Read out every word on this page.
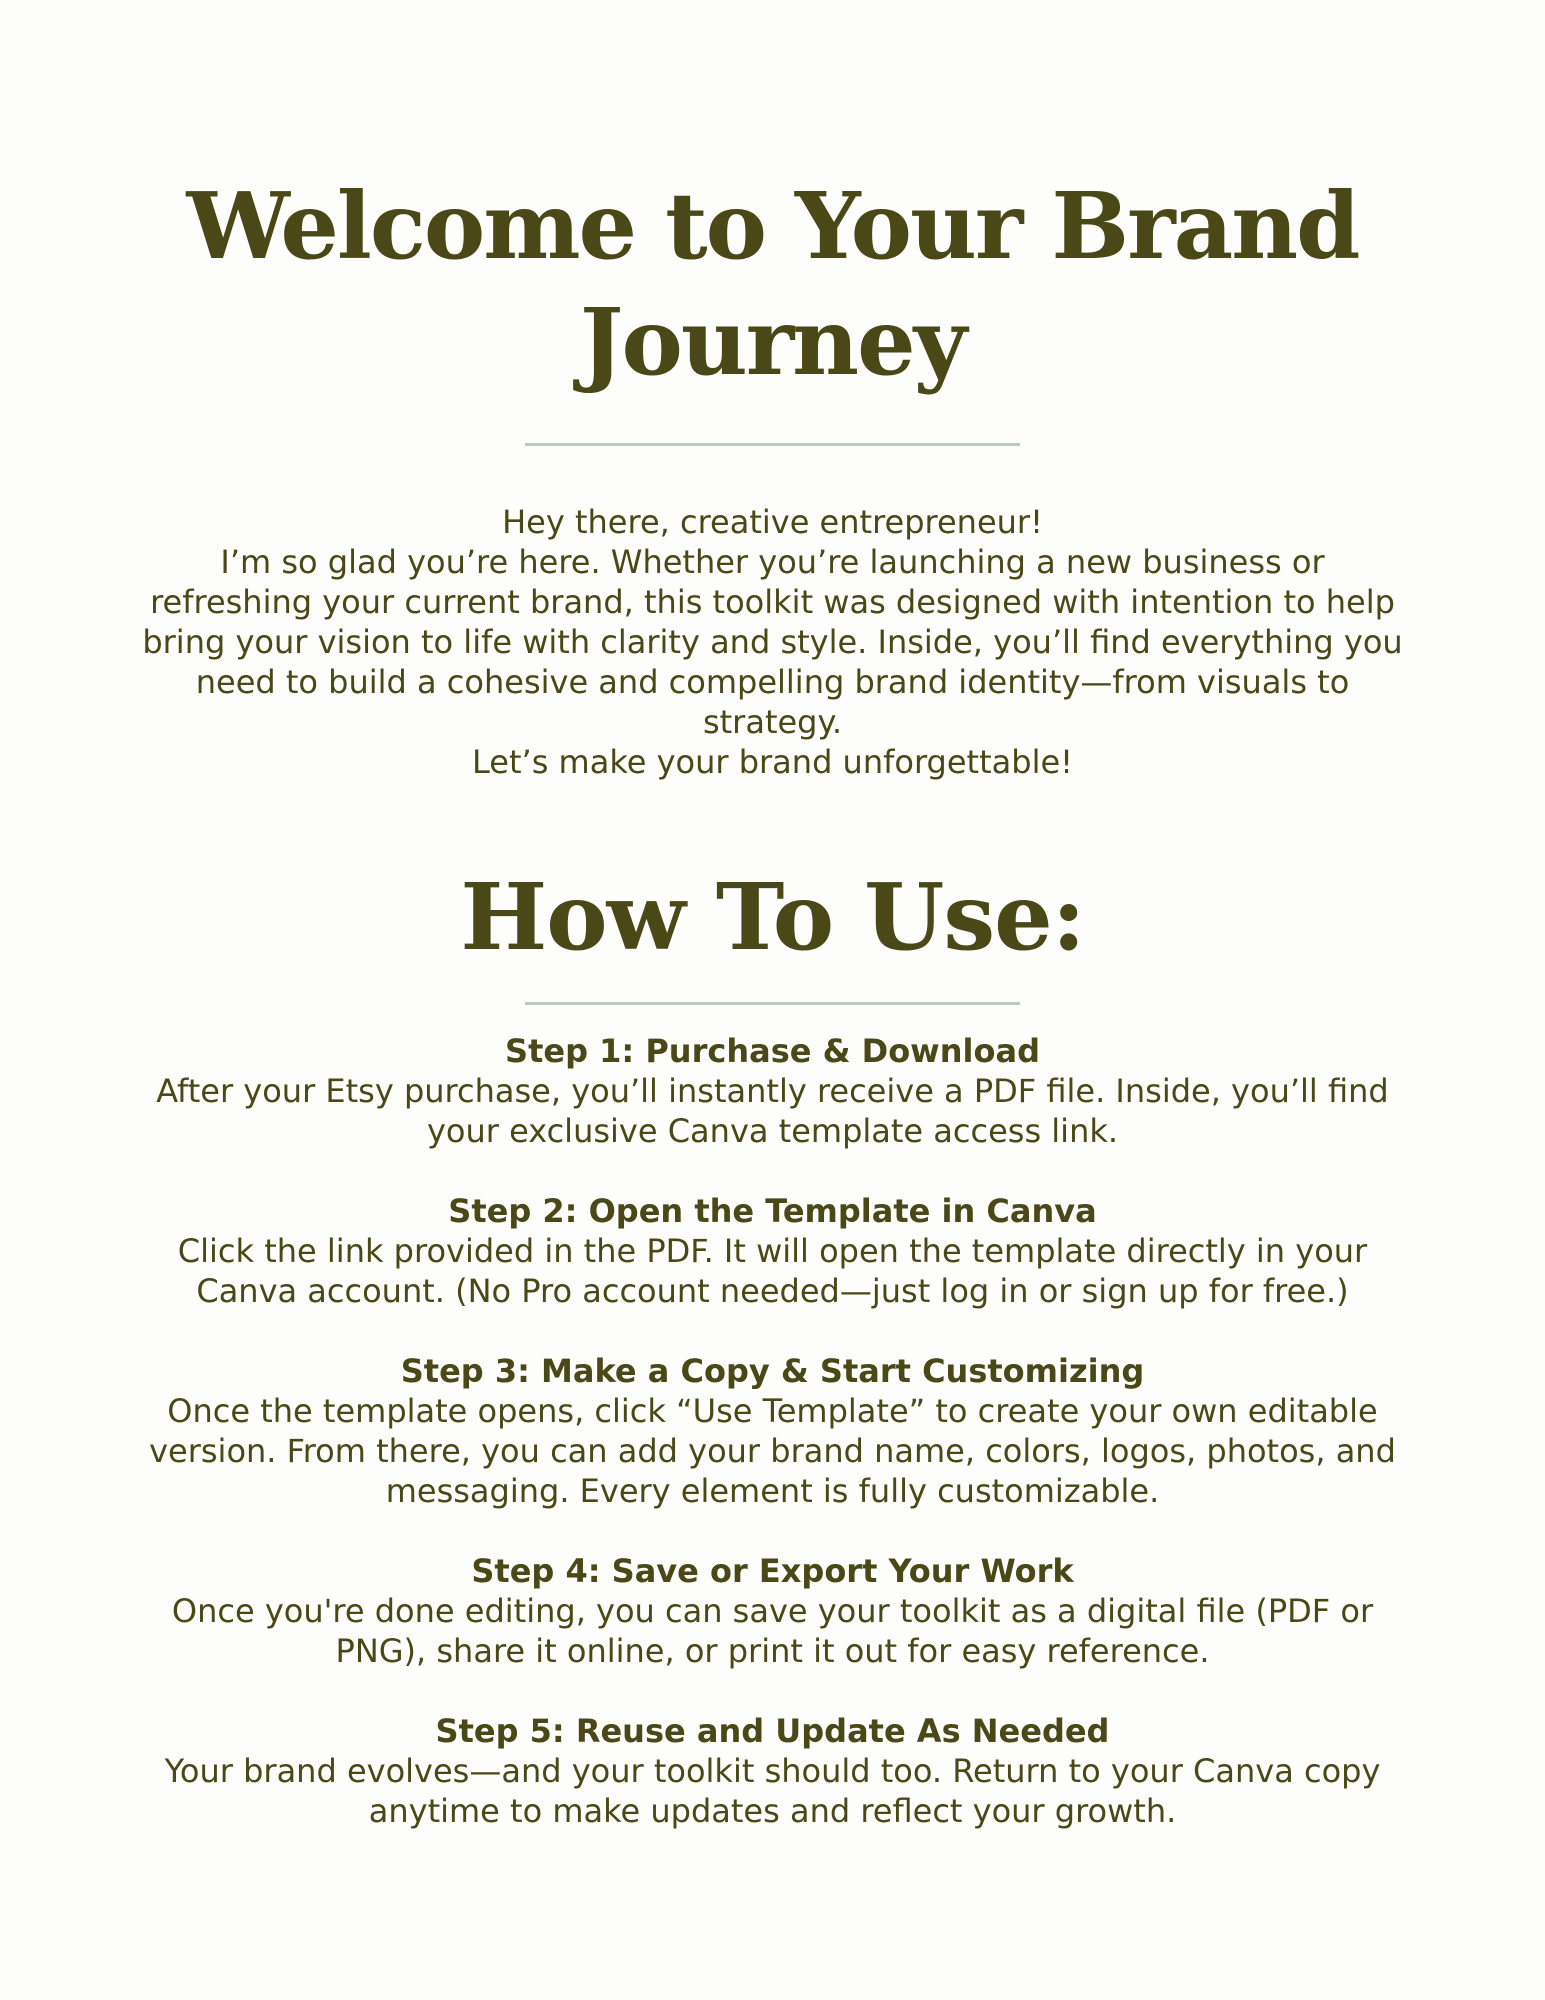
Welcome to Your Brand Journey

Hey there, creative entrepreneur!

I’m so glad you’re here. Whether you’re launching a new business or refreshing your current brand, this toolkit was designed with intention to help bring your vision to life with clarity and style. Inside, you’ll find everything you need to build a cohesive and compelling brand identity—from visuals to strategy.

Let’s make your brand unforgettable!

How To Use:
Step 1: Purchase & Download
After your Etsy purchase, you’ll instantly receive a PDF file. Inside, you’ll find your exclusive Canva template access link.
Step 2: Open the Template in Canva
Click the link provided in the PDF. It will open the template directly in your Canva account. (No Pro account needed—just log in or sign up for free.)
Step 3: Make a Copy & Start Customizing
Once the template opens, click “Use Template” to create your own editable version. From there, you can add your brand name, colors, logos, photos, and messaging. Every element is fully customizable.
Step 4: Save or Export Your Work
Once you're done editing, you can save your toolkit as a digital file (PDF or PNG), share it online, or print it out for easy reference.
Step 5: Reuse and Update As Needed
Your brand evolves—and your toolkit should too. Return to your Canva copy anytime to make updates and reflect your growth.
